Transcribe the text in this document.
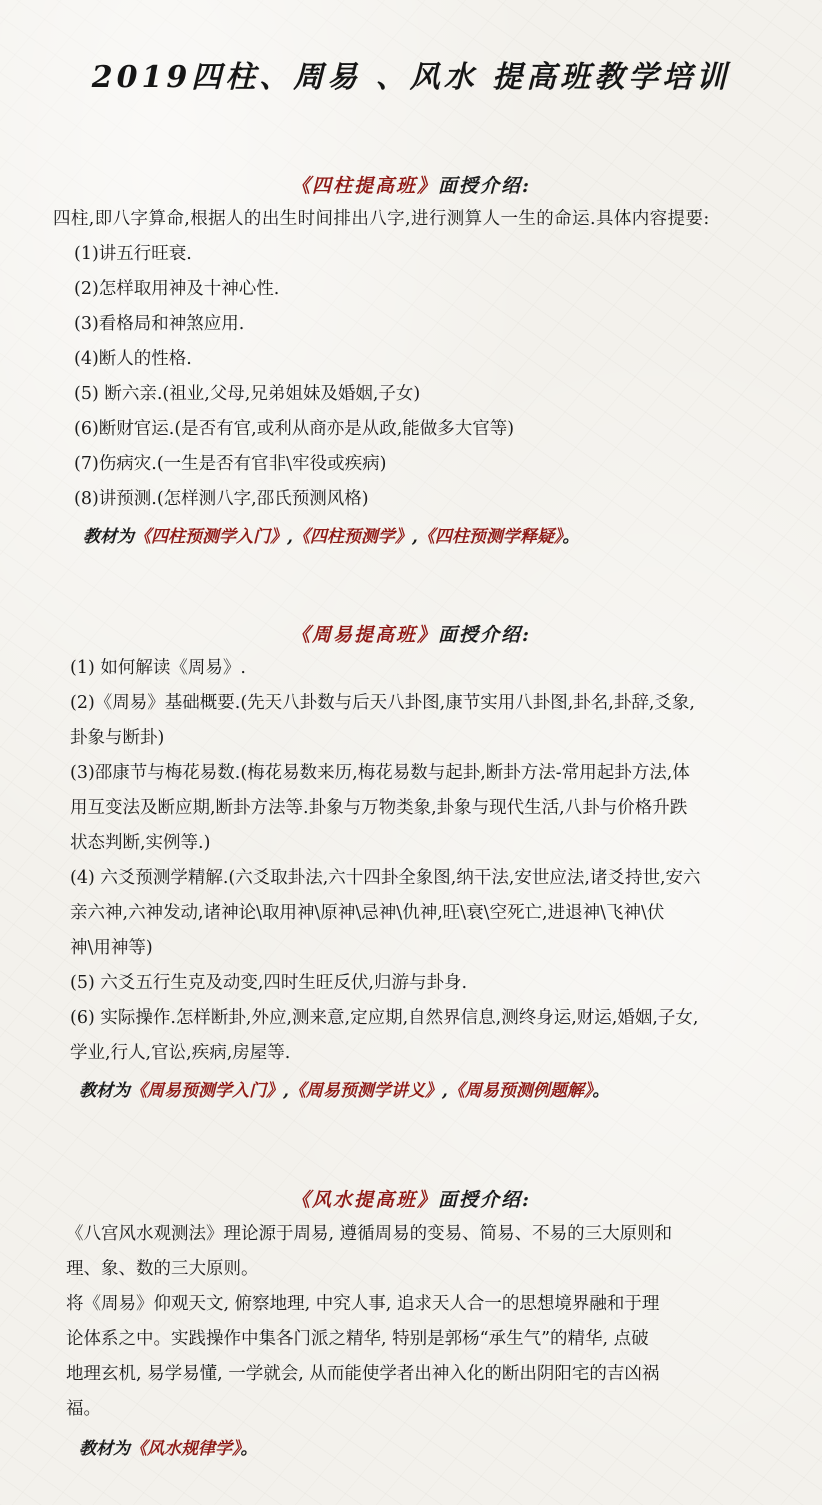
2019四柱、周易 、风水 提高班教学培训
《四柱提高班》面授介绍:

四柱,即八字算命,根据人的出生时间排出八字,进行测算人一生的命运.具体内容提要:

(1)讲五行旺衰.

(2)怎样取用神及十神心性.

(3)看格局和神煞应用.

(4)断人的性格.

(5) 断六亲.(祖业,父母,兄弟姐妹及婚姻,子女)

(6)断财官运.(是否有官,或利从商亦是从政,能做多大官等)

(7)伤病灾.(一生是否有官非\牢役或疾病)

(8)讲预测.(怎样测八字,邵氏预测风格)

教材为《四柱预测学入门》,《四柱预测学》,《四柱预测学释疑》。

《周易提高班》面授介绍:

(1) 如何解读《周易》.

(2)《周易》基础概要.(先天八卦数与后天八卦图,康节实用八卦图,卦名,卦辞,爻象,

卦象与断卦)

(3)邵康节与梅花易数.(梅花易数来历,梅花易数与起卦,断卦方法-常用起卦方法,体

用互变法及断应期,断卦方法等.卦象与万物类象,卦象与现代生活,八卦与价格升跌

状态判断,实例等.)

(4) 六爻预测学精解.(六爻取卦法,六十四卦全象图,纳干法,安世应法,诸爻持世,安六

亲六神,六神发动,诸神论\取用神\原神\忌神\仇神,旺\衰\空死亡,进退神\飞神\伏

神\用神等)

(5) 六爻五行生克及动变,四时生旺反伏,归游与卦身.

(6) 实际操作.怎样断卦,外应,测来意,定应期,自然界信息,测终身运,财运,婚姻,子女,

学业,行人,官讼,疾病,房屋等.

教材为《周易预测学入门》,《周易预测学讲义》,《周易预测例题解》。

《风水提高班》面授介绍:

《八宫风水观测法》理论源于周易, 遵循周易的变易、简易、不易的三大原则和

理、象、数的三大原则。

将《周易》仰观天文, 俯察地理, 中究人事, 追求天人合一的思想境界融和于理

论体系之中。实践操作中集各门派之精华, 特别是郭杨“承生气”的精华, 点破

地理玄机, 易学易懂, 一学就会, 从而能使学者出神入化的断出阴阳宅的吉凶祸

福。

教材为《风水规律学》。
